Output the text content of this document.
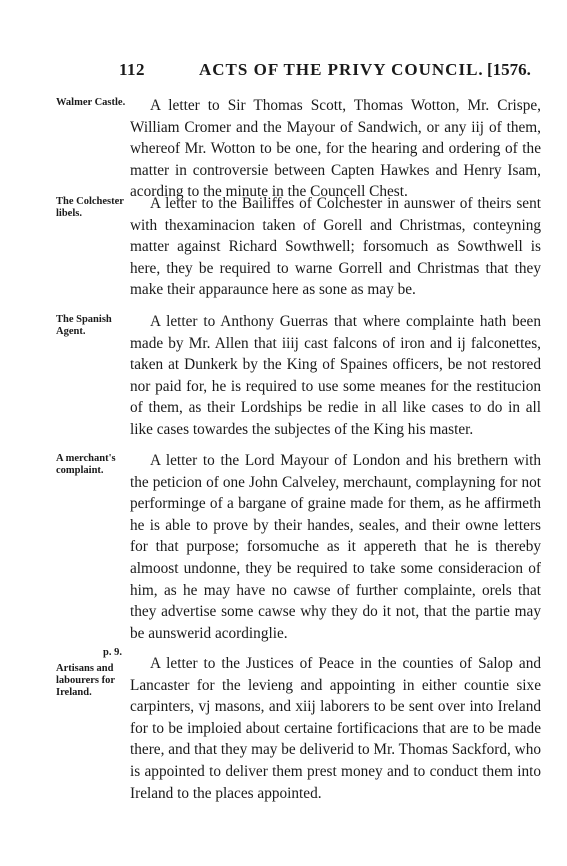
112	ACTS OF THE PRIVY COUNCIL. [1576.
Walmer Castle.	A letter to Sir Thomas Scott, Thomas Wotton, Mr. Crispe, William Cromer and the Mayour of Sandwich, or any iij of them, whereof Mr. Wotton to be one, for the hearing and ordering of the matter in controversie between Capten Hawkes and Henry Isam, acording to the minute in the Councell Chest.
The Colchester libels.
A letter to the Bailiffes of Colchester in aunswer of theirs sent with thexaminacion taken of Gorell and Christmas, conteyning matter against Richard Sowthwell; forsomuch as Sowthwell is here, they be required to warne Gorrell and Christmas that they make their apparaunce here as sone as may be.
The Spanish Agent.
A letter to Anthony Guerras that where complainte hath been made by Mr. Allen that iiij cast falcons of iron and ij falconettes, taken at Dunkerk by the King of Spaines officers, be not restored nor paid for, he is required to use some meanes for the restitucion of them, as their Lordships be redie in all like cases to do in all like cases towardes the subjectes of the King his master.
A merchant's complaint.
A letter to the Lord Mayour of London and his brethern with the peticion of one John Calveley, merchaunt, complayning for not performinge of a bargane of graine made for them, as he affirmeth he is able to prove by their handes, seales, and their owne letters for that purpose; forsomuche as it appereth that he is thereby almoost undonne, they be required to take some consideracion of him, as he may have no cawse of further complainte, orels that they advertise some cawse why they do it not, that the partie may be aunswerid acordinglie.
p. 9.
Artisans and labourers for Ireland.
A letter to the Justices of Peace in the counties of Salop and Lancaster for the levieng and appointing in either countie sixe carpinters, vj masons, and xiij laborers to be sent over into Ireland for to be imploied about certaine fortificacions that are to be made there, and that they may be deliverid to Mr. Thomas Sackford, who is appointed to deliver them prest money and to conduct them into Ireland to the places appointed.
